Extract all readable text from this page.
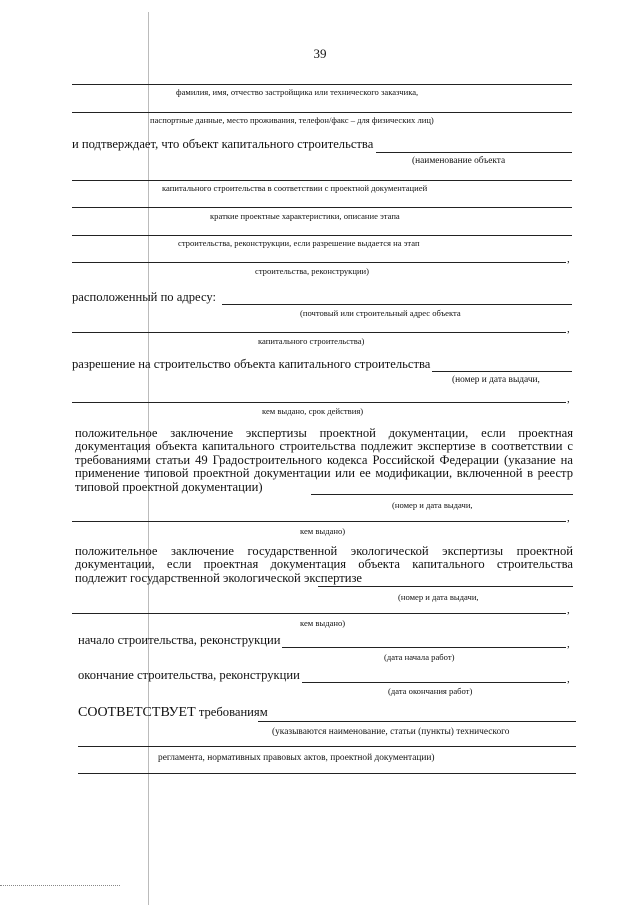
39
фамилия, имя, отчество застройщика или технического заказчика,
паспортные данные, место проживания, телефон/факс – для физических лиц)
и подтверждает, что объект капитального строительства
(наименование объекта
капитального строительства в соответствии с проектной документацией
краткие проектные характеристики, описание этапа
строительства, реконструкции, если разрешение выдается на этап
,
строительства, реконструкции)
расположенный по адресу:
(почтовый или строительный адрес объекта
,
капитального строительства)
разрешение на строительство объекта капитального строительства
(номер и дата выдачи,
,
кем выдано, срок действия)
положительное заключение экспертизы проектной документации, если проектная документация объекта капитального строительства подлежит экспертизе в соответствии с требованиями статьи 49 Градостроительного кодекса Российской Федерации (указание на применение типовой проектной документации или ее модификации, включенной в реестр типовой проектной документации)
(номер и дата выдачи,
,
кем выдано)
положительное заключение государственной экологической экспертизы проектной документации, если проектная документация объекта капитального строительства подлежит государственной экологической экспертизе
(номер и дата выдачи,
,
кем выдано)
начало строительства, реконструкции	,
(дата начала работ)
окончание строительства, реконструкции	,
(дата окончания работ)
СООТВЕТСТВУЕТ требованиям
(указываются наименование, статьи (пункты) технического
регламента, нормативных правовых актов, проектной документации)
